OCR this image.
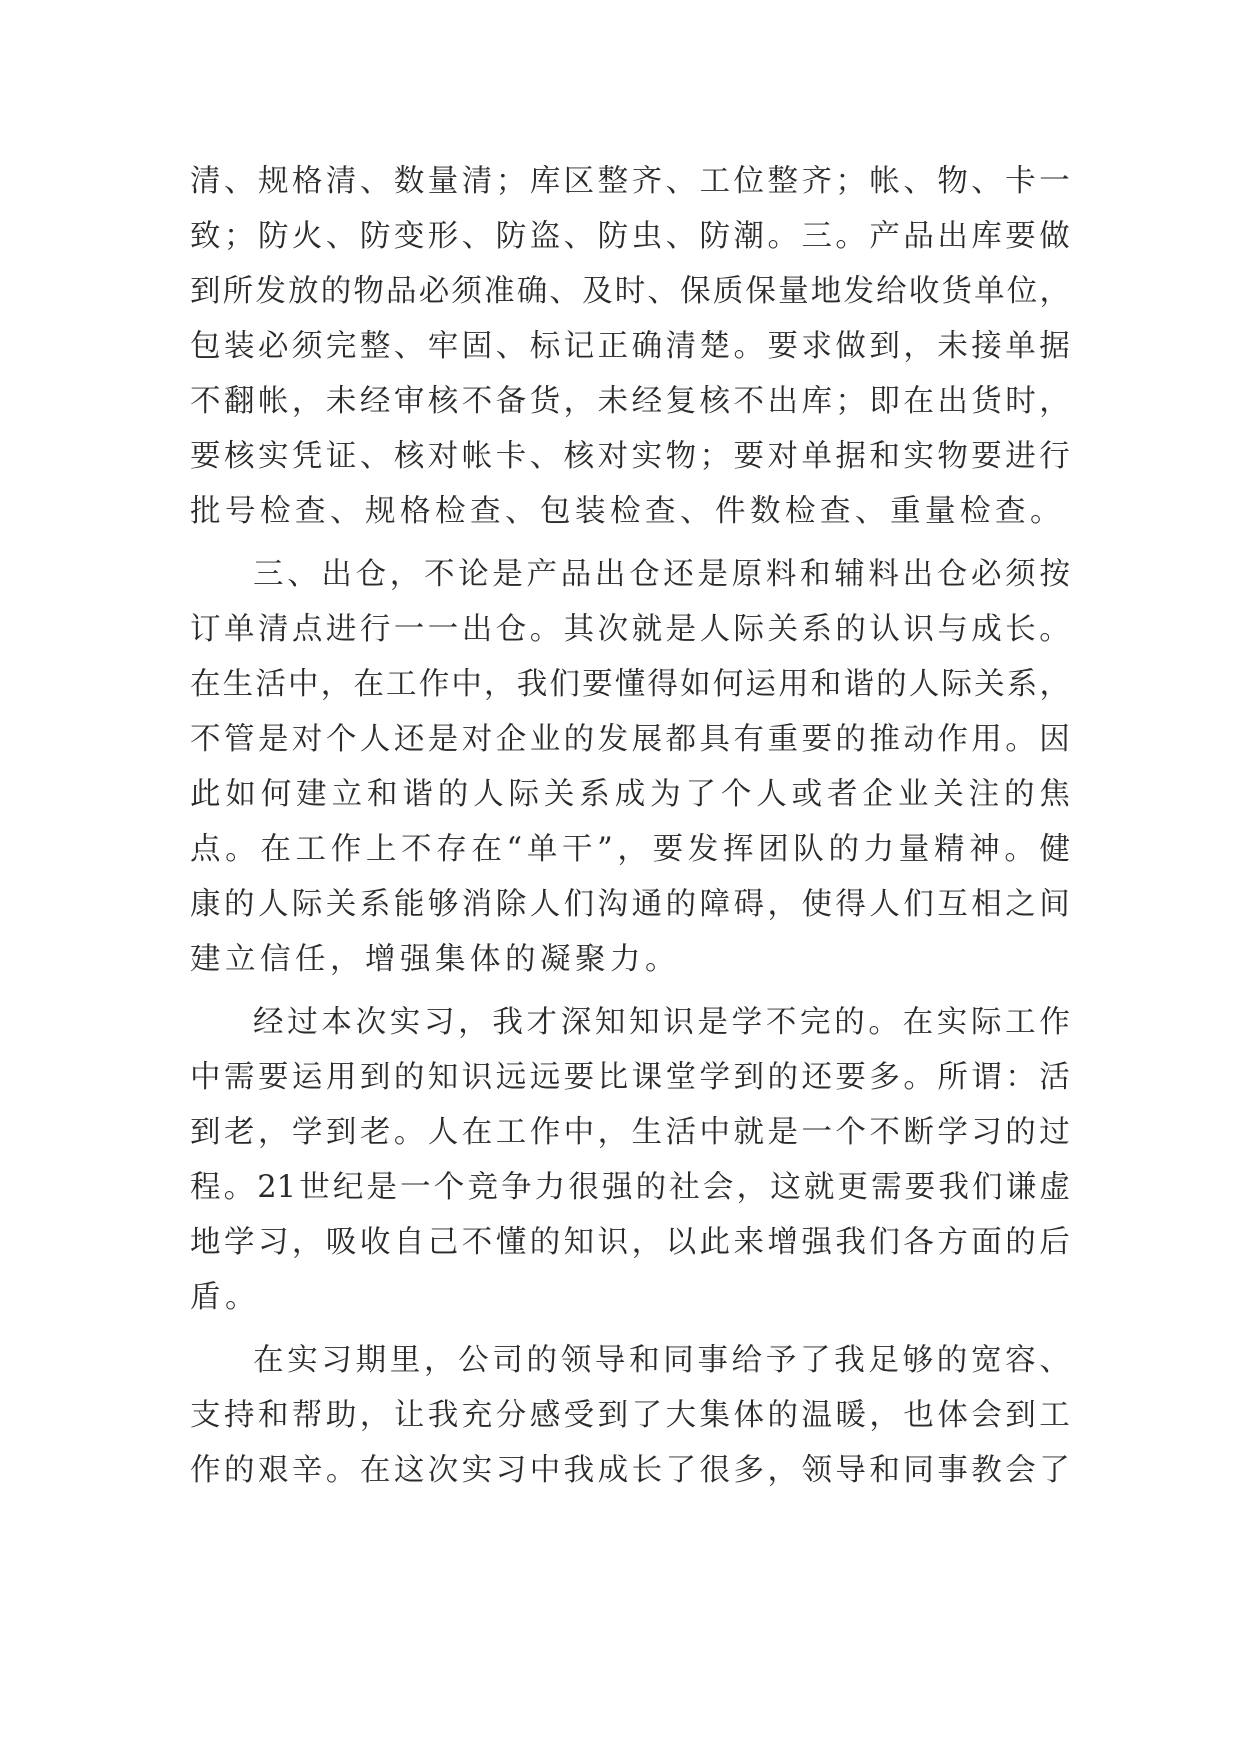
清 、 规 格 清 、 数 量 清 ； 库 区 整 齐 、 工 位 整 齐 ； 帐 、 物 、 卡 一
致 ； 防 火 、 防 变 形 、 防 盗 、 防 虫 、 防 潮 。 三 。 产 品 出 库 要 做
到 所 发 放 的 物 品 必 须 准 确 、 及 时 、 保 质 保 量 地 发 给 收 货 单 位 ，
包 装 必 须 完 整 、 牢 固 、 标 记 正 确 清 楚 。 要 求 做 到 ， 未 接 单 据
不 翻 帐 ， 未 经 审 核 不 备 货 ， 未 经 复 核 不 出 库 ； 即 在 出 货 时 ，
要 核 实 凭 证 、 核 对 帐 卡 、 核 对 实 物 ； 要 对 单 据 和 实 物 要 进 行
批 号 检 查 、 规 格 检 查 、 包 装 检 查 、 件 数 检 查 、 重 量 检 查 。
三 、 出 仓 ， 不 论 是 产 品 出 仓 还 是 原 料 和 辅 料 出 仓 必 须 按
订 单 清 点 进 行 一 一 出 仓 。 其 次 就 是 人 际 关 系 的 认 识 与 成 长 。
在 生 活 中 ， 在 工 作 中 ， 我 们 要 懂 得 如 何 运 用 和 谐 的 人 际 关 系 ，
不 管 是 对 个 人 还 是 对 企 业 的 发 展 都 具 有 重 要 的 推 动 作 用 。 因
此 如 何 建 立 和 谐 的 人 际 关 系 成 为 了 个 人 或 者 企 业 关 注 的 焦
点 。 在 工 作 上 不 存 在 “ 单 干 ” ， 要 发 挥 团 队 的 力 量 精 神 。 健
康 的 人 际 关 系 能 够 消 除 人 们 沟 通 的 障 碍 ， 使 得 人 们 互 相 之 间
建 立 信 任 ， 增 强 集 体 的 凝 聚 力 。
经 过 本 次 实 习 ， 我 才 深 知 知 识 是 学 不 完 的 。 在 实 际 工 作
中 需 要 运 用 到 的 知 识 远 远 要 比 课 堂 学 到 的 还 要 多 。 所 谓 ： 活
到 老 ， 学 到 老 。 人 在 工 作 中 ， 生 活 中 就 是 一 个 不 断 学 习 的 过
程 。 21 世 纪 是 一 个 竞 争 力 很 强 的 社 会 ， 这 就 更 需 要 我 们 谦 虚
地 学 习 ， 吸 收 自 己 不 懂 的 知 识 ， 以 此 来 增 强 我 们 各 方 面 的 后
盾 。
在 实 习 期 里 ， 公 司 的 领 导 和 同 事 给 予 了 我 足 够 的 宽 容 、
支 持 和 帮 助 ， 让 我 充 分 感 受 到 了 大 集 体 的 温 暖 ， 也 体 会 到 工
作 的 艰 辛 。 在 这 次 实 习 中 我 成 长 了 很 多 ， 领 导 和 同 事 教 会 了
